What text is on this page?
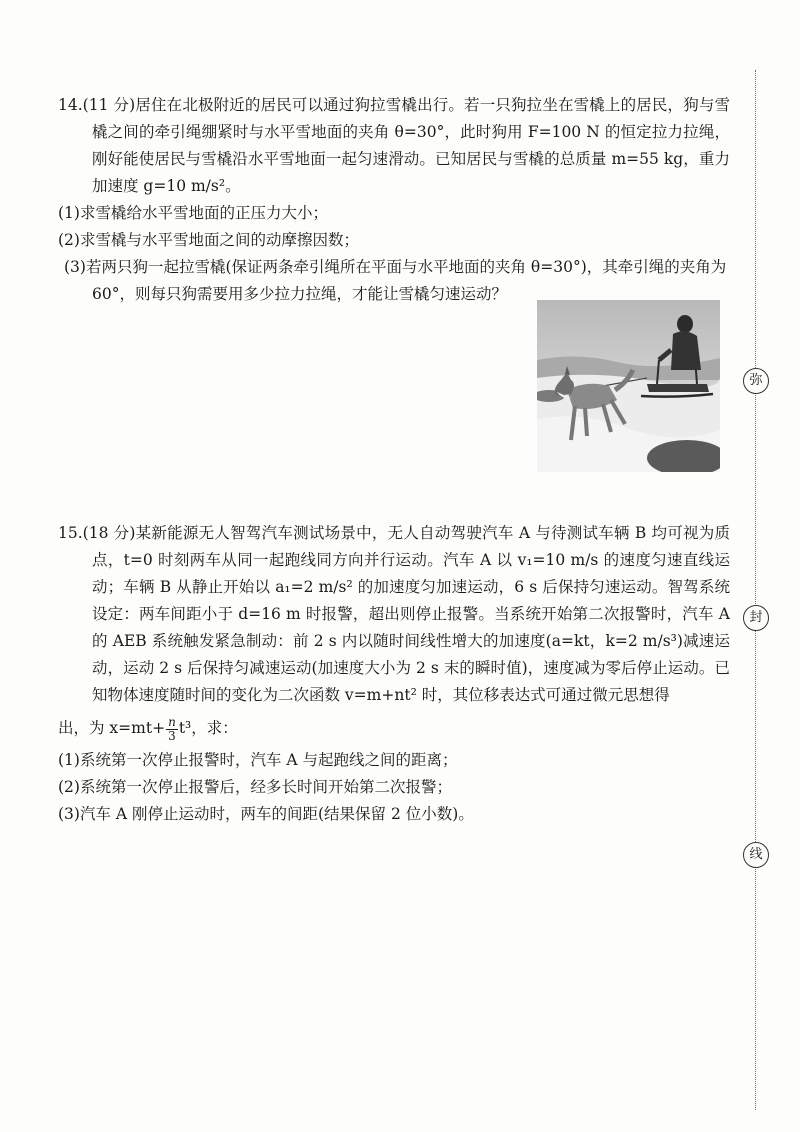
14.(11 分)居住在北极附近的居民可以通过狗拉雪橇出行。若一只狗拉坐在雪橇上的居民，狗与雪橇之间的牵引绳绷紧时与水平雪地面的夹角 θ=30°，此时狗用 F=100 N 的恒定拉力拉绳，刚好能使居民与雪橇沿水平雪地面一起匀速滑动。已知居民与雪橇的总质量 m=55 kg，重力加速度 g=10 m/s²。

(1)求雪橇给水平雪地面的正压力大小；

(2)求雪橇与水平雪地面之间的动摩擦因数；

(3)若两只狗一起拉雪橇(保证两条牵引绳所在平面与水平地面的夹角 θ=30°)，其牵引绳的夹角为 60°，则每只狗需要用多少拉力拉绳，才能让雪橇匀速运动？

15.(18 分)某新能源无人智驾汽车测试场景中，无人自动驾驶汽车 A 与待测试车辆 B 均可视为质点，t=0 时刻两车从同一起跑线同方向并行运动。汽车 A 以 v₁=10 m/s 的速度匀速直线运动；车辆 B 从静止开始以 a₁=2 m/s² 的加速度匀加速运动，6 s 后保持匀速运动。智驾系统设定：两车间距小于 d=16 m 时报警，超出则停止报警。当系统开始第二次报警时，汽车 A 的 AEB 系统触发紧急制动：前 2 s 内以随时间线性增大的加速度(a=kt，k=2 m/s³)减速运动，运动 2 s 后保持匀减速运动(加速度大小为 2 s 末的瞬时值)，速度减为零后停止运动。已知物体速度随时间的变化为二次函数 v=m+nt² 时，其位移表达式可通过微元思想得

出，为 $x=mt+ \frac{n}{3} t^3$，求：

(1)系统第一次停止报警时，汽车 A 与起跑线之间的距离；

(2)系统第一次停止报警后，经多长时间开始第二次报警；

(3)汽车 A 刚停止运动时，两车的间距(结果保留 2 位小数)。

弥
封
线
